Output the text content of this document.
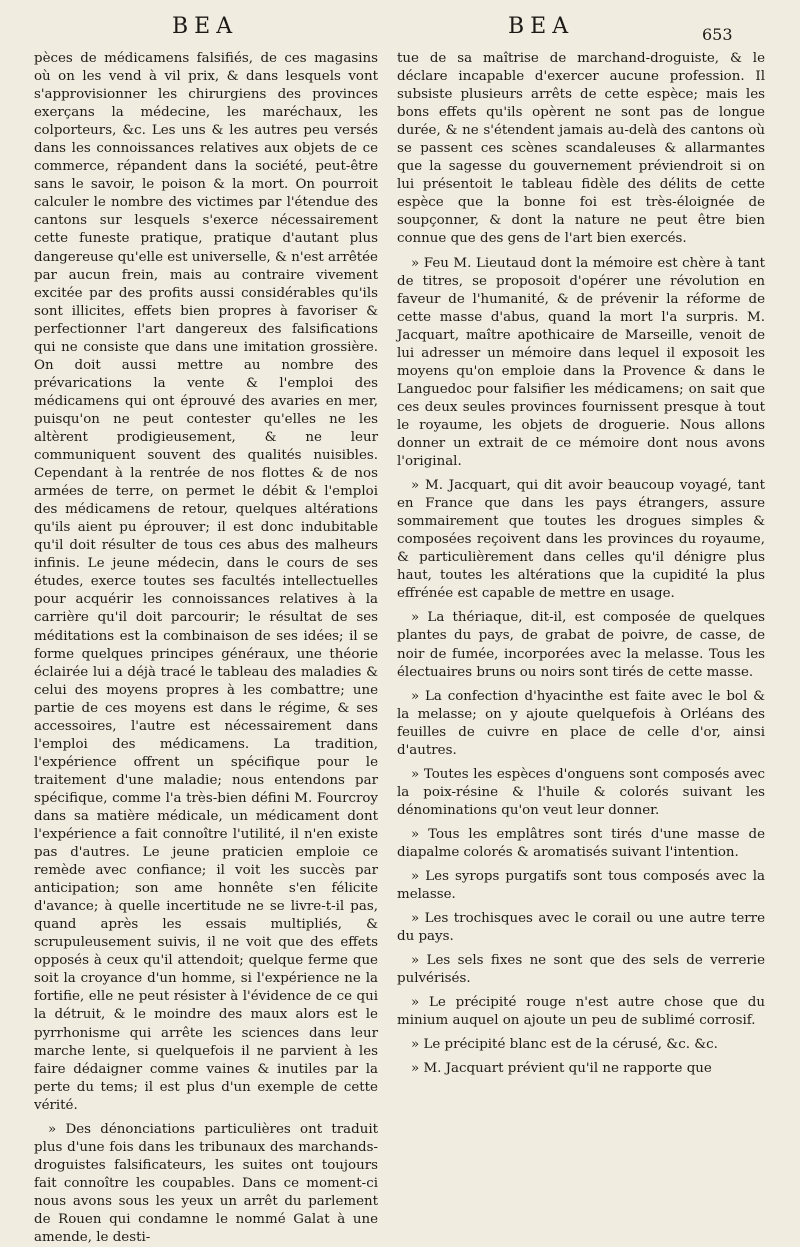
BEA	BEA	653

pèces de médicamens falsifiés, de ces magasins où on les vend à vil prix, & dans lesquels vont s'approvisionner les chirurgiens des provinces exerçans la médecine, les maréchaux, les colporteurs, &c. Les uns & les autres peu versés dans les connoissances relatives aux objets de ce commerce, répandent dans la société, peut-être sans le savoir, le poison & la mort. On pourroit calculer le nombre des victimes par l'étendue des cantons sur lesquels s'exerce nécessairement cette funeste pratique, pratique d'autant plus dangereuse qu'elle est universelle, & n'est arrêtée par aucun frein, mais au contraire vivement excitée par des profits aussi considérables qu'ils sont illicites, effets bien propres à favoriser & perfectionner l'art dangereux des falsifications qui ne consiste que dans une imitation grossière. On doit aussi mettre au nombre des prévarications la vente & l'emploi des médicamens qui ont éprouvé des avaries en mer, puisqu'on ne peut contester qu'elles ne les altèrent prodigieusement, & ne leur communiquent souvent des qualités nuisibles. Cependant à la rentrée de nos flottes & de nos armées de terre, on permet le débit & l'emploi des médicamens de retour, quelques altérations qu'ils aient pu éprouver; il est donc indubitable qu'il doit résulter de tous ces abus des malheurs infinis. Le jeune médecin, dans le cours de ses études, exerce toutes ses facultés intellectuelles pour acquérir les connoissances relatives à la carrière qu'il doit parcourir; le résultat de ses méditations est la combinaison de ses idées; il se forme quelques principes généraux, une théorie éclairée lui a déjà tracé le tableau des maladies & celui des moyens propres à les combattre; une partie de ces moyens est dans le régime, & ses accessoires, l'autre est nécessairement dans l'emploi des médicamens. La tradition, l'expérience offrent un spécifique pour le traitement d'une maladie; nous entendons par spécifique, comme l'a très-bien défini M. Fourcroy dans sa matière médicale, un médicament dont l'expérience a fait connoître l'utilité, il n'en existe pas d'autres. Le jeune praticien emploie ce remède avec confiance; il voit les succès par anticipation; son ame honnête s'en félicite d'avance; à quelle incertitude ne se livre-t-il pas, quand après les essais multipliés, & scrupuleusement suivis, il ne voit que des effets opposés à ceux qu'il attendoit; quelque ferme que soit la croyance d'un homme, si l'expérience ne la fortifie, elle ne peut résister à l'évidence de ce qui la détruit, & le moindre des maux alors est le pyrrhonisme qui arrête les sciences dans leur marche lente, si quelquefois il ne parvient à les faire dédaigner comme vaines & inutiles par la perte du tems; il est plus d'un exemple de cette vérité.

» Des dénonciations particulières ont traduit plus d'une fois dans les tribunaux des marchands-droguistes falsificateurs, les suites ont toujours fait connoître les coupables. Dans ce moment-ci nous avons sous les yeux un arrêt du parlement de Rouen qui condamne le nommé Galat à une amende, le desti-

tue de sa maîtrise de marchand-droguiste, & le déclare incapable d'exercer aucune profession. Il subsiste plusieurs arrêts de cette espèce; mais les bons effets qu'ils opèrent ne sont pas de longue durée, & ne s'étendent jamais au-delà des cantons où se passent ces scènes scandaleuses & allarmantes que la sagesse du gouvernement préviendroit si on lui présentoit le tableau fidèle des délits de cette espèce que la bonne foi est très-éloignée de soupçonner, & dont la nature ne peut être bien connue que des gens de l'art bien exercés.

» Feu M. Lieutaud dont la mémoire est chère à tant de titres, se proposoit d'opérer une révolution en faveur de l'humanité, & de prévenir la réforme de cette masse d'abus, quand la mort l'a surpris. M. Jacquart, maître apothicaire de Marseille, venoit de lui adresser un mémoire dans lequel il exposoit les moyens qu'on emploie dans la Provence & dans le Languedoc pour falsifier les médicamens; on sait que ces deux seules provinces fournissent presque à tout le royaume, les objets de droguerie. Nous allons donner un extrait de ce mémoire dont nous avons l'original.

» M. Jacquart, qui dit avoir beaucoup voyagé, tant en France que dans les pays étrangers, assure sommairement que toutes les drogues simples & composées reçoivent dans les provinces du royaume, & particulièrement dans celles qu'il dénigre plus haut, toutes les altérations que la cupidité la plus effrénée est capable de mettre en usage.

» La thériaque, dit-il, est composée de quelques plantes du pays, de grabat de poivre, de casse, de noir de fumée, incorporées avec la melasse. Tous les électuaires bruns ou noirs sont tirés de cette masse.

» La confection d'hyacinthe est faite avec le bol & la melasse; on y ajoute quelquefois à Orléans des feuilles de cuivre en place de celle d'or, ainsi d'autres.

» Toutes les espèces d'onguens sont composés avec la poix-résine & l'huile & colorés suivant les dénominations qu'on veut leur donner.

» Tous les emplâtres sont tirés d'une masse de diapalme colorés & aromatisés suivant l'intention.

» Les syrops purgatifs sont tous composés avec la melasse.

» Les trochisques avec le corail ou une autre terre du pays.

» Les sels fixes ne sont que des sels de verrerie pulvérisés.

» Le précipité rouge n'est autre chose que du minium auquel on ajoute un peu de sublimé corrosif.

» Le précipité blanc est de la cérusé, &c. &c.

» M. Jacquart prévient qu'il ne rapporte que
